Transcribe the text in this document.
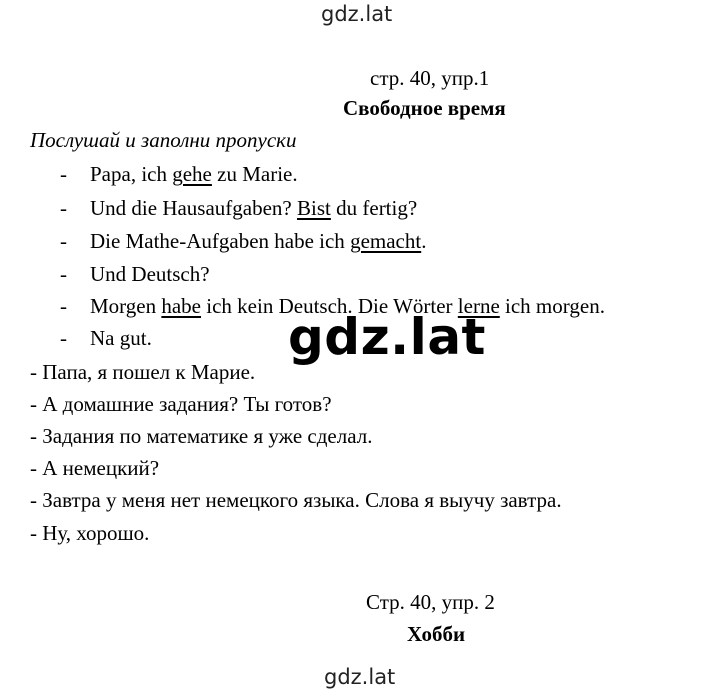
gdz.lat
стр. 40, упр.1
Свободное время
Послушай и заполни пропуски
- Papa, ich gehe zu Marie.
- Und die Hausaufgaben? Bist du fertig?
- Die Mathe-Aufgaben habe ich gemacht.
- Und Deutsch?
- Morgen habe ich kein Deutsch. Die Wörter lerne ich morgen.
- Na gut.	gdz.lat
- Папа, я пошел к Марие.
- А домашние задания? Ты готов?
- Задания по математике я уже сделал.
- А немецкий?
- Завтра у меня нет немецкого языка. Слова я выучу завтра.
- Ну, хорошо.
Стр. 40, упр. 2
Хобби
gdz.lat
